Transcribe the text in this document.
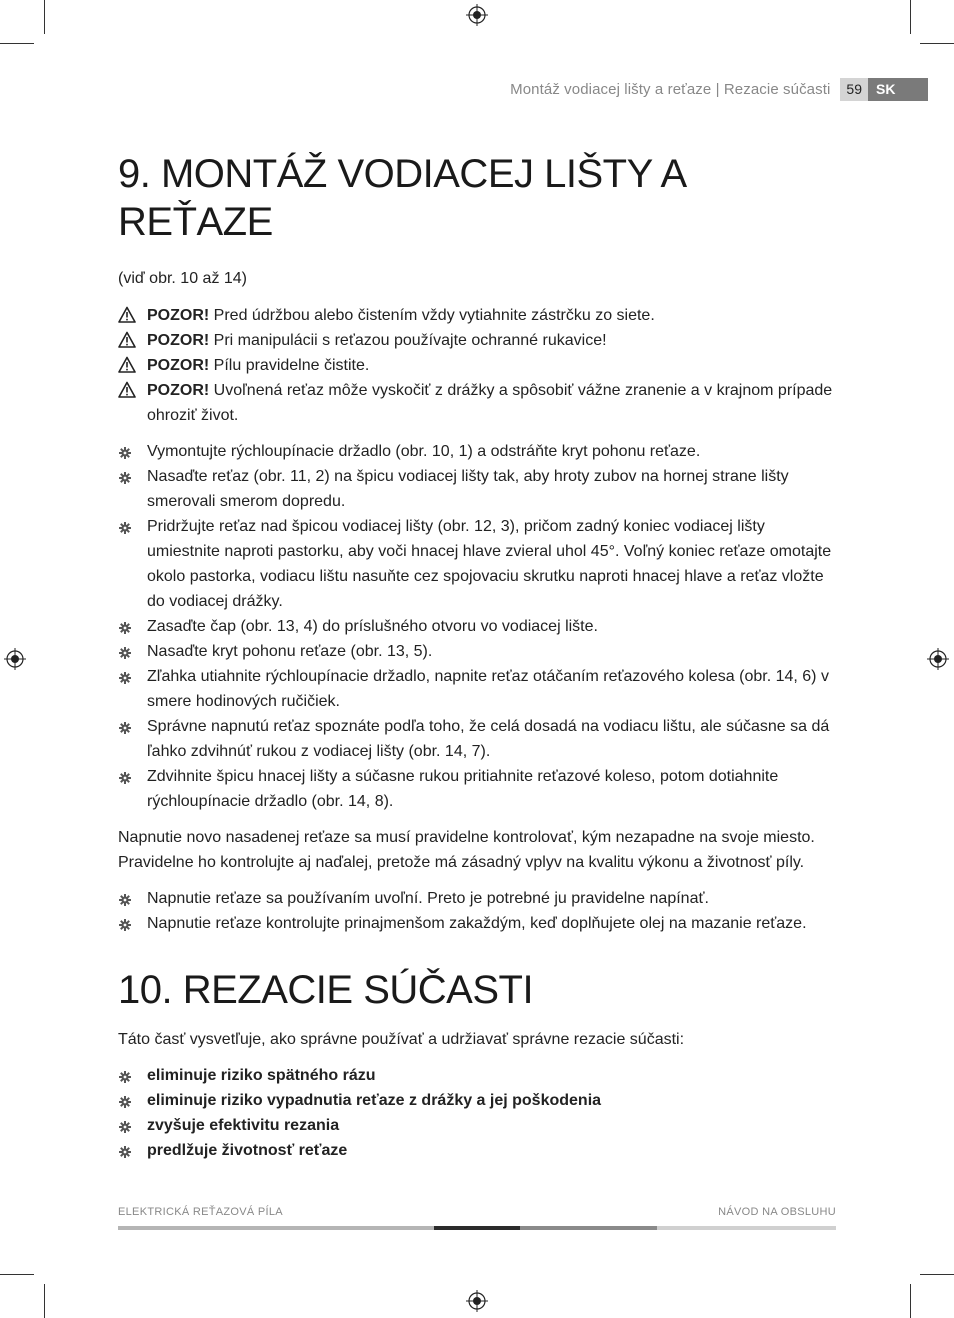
Montáž vodiacej lišty a reťaze | Rezacie súčasti	59	SK
9. MONTÁŽ VODIACEJ LIŠTY A REŤAZE

(viď obr. 10 až 14)

POZOR! Pred údržbou alebo čistením vždy vytiahnite zástrčku zo siete.
POZOR! Pri manipulácii s reťazou používajte ochranné rukavice!
POZOR! Pílu pravidelne čistite.
POZOR! Uvoľnená reťaz môže vyskočiť z drážky a spôsobiť vážne zranenie a v krajnom prípade ohroziť život.
Vymontujte rýchloupínacie držadlo (obr. 10, 1) a odstráňte kryt pohonu reťaze.
Nasaďte reťaz (obr. 11, 2) na špicu vodiacej lišty tak, aby hroty zubov na hornej strane lišty smerovali smerom dopredu.
Pridržujte reťaz nad špicou vodiacej lišty (obr. 12, 3), pričom zadný koniec vodiacej lišty umiestnite naproti pastorku, aby voči hnacej hlave zvieral uhol 45°. Voľný koniec reťaze omotajte okolo pastorka, vodiacu lištu nasuňte cez spojovaciu skrutku naproti hnacej hlave a reťaz vložte do vodiacej drážky.
Zasaďte čap (obr. 13, 4) do príslušného otvoru vo vodiacej lište.
Nasaďte kryt pohonu reťaze (obr. 13, 5).
Zľahka utiahnite rýchloupínacie držadlo, napnite reťaz otáčaním reťazového kolesa (obr. 14, 6) v smere hodinových ručičiek.
Správne napnutú reťaz spoznáte podľa toho, že celá dosadá na vodiacu lištu, ale súčasne sa dá ľahko zdvihnúť rukou z vodiacej lišty (obr. 14, 7).
Zdvihnite špicu hnacej lišty a súčasne rukou pritiahnite reťazové koleso, potom dotiahnite rýchloupínacie držadlo (obr. 14, 8).

Napnutie novo nasadenej reťaze sa musí pravidelne kontrolovať, kým nezapadne na svoje miesto. Pravidelne ho kontrolujte aj naďalej, pretože má zásadný vplyv na kvalitu výkonu a životnosť píly.

Napnutie reťaze sa používaním uvoľní. Preto je potrebné ju pravidelne napínať.
Napnutie reťaze kontrolujte prinajmenšom zakaždým, keď doplňujete olej na mazanie reťaze.
10. REZACIE SÚČASTI

Táto časť vysvetľuje, ako správne používať a udržiavať správne rezacie súčasti:

eliminuje riziko spätného rázu
eliminuje riziko vypadnutia reťaze z drážky a jej poškodenia
zvyšuje efektivitu rezania
predlžuje životnosť reťaze
ELEKTRICKÁ REŤAZOVÁ PÍLA	NÁVOD NA OBSLUHU
